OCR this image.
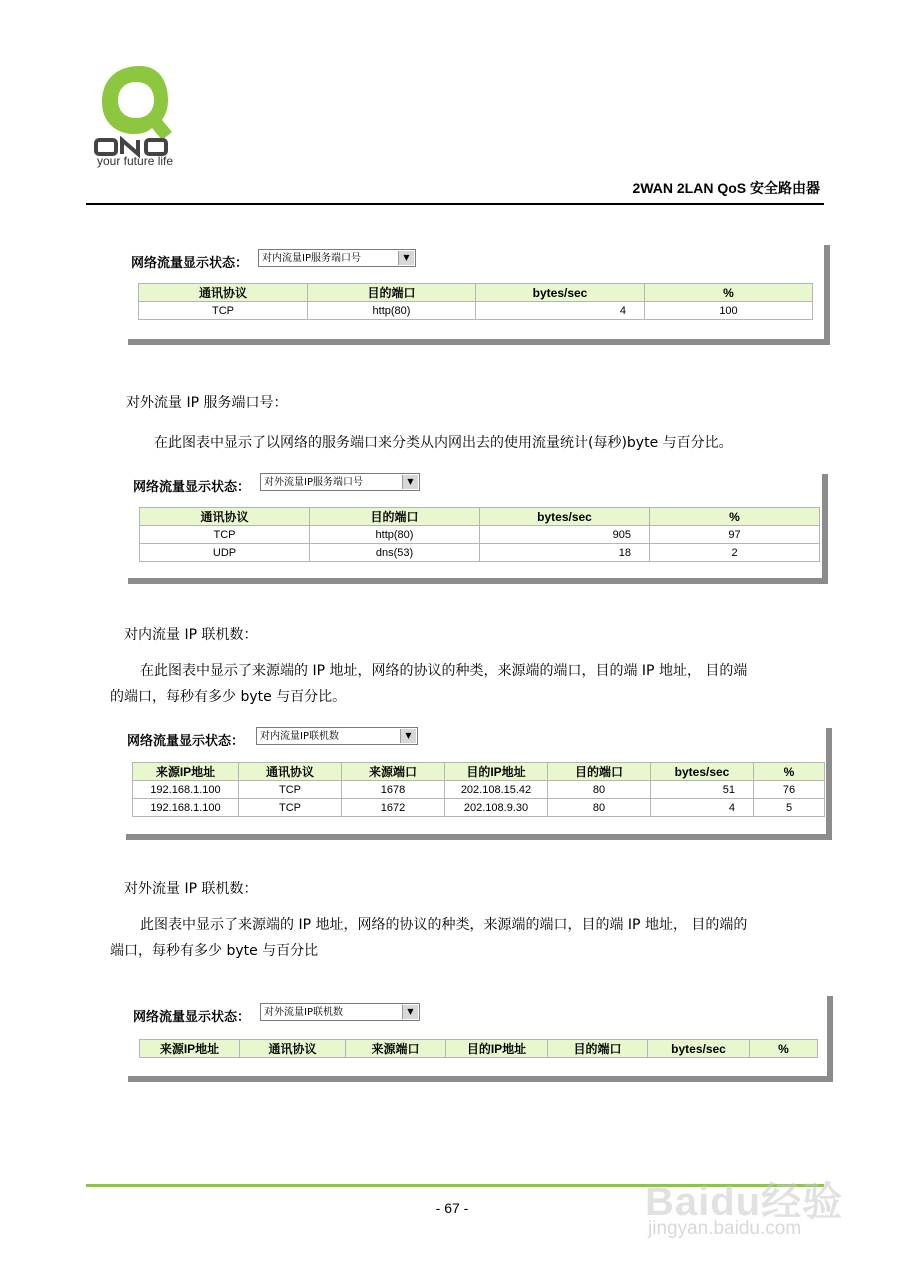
QNO
your future life
2WAN 2LAN QoS 安全路由器
网络流量显示状态：	对内流量IP服务端口号	▼
通讯协议	目的端口	bytes/sec	%
TCP	http(80)	4	100
对外流量 IP 服务端口号：
在此图表中显示了以网络的服务端口来分类从内网出去的使用流量统计(每秒)byte 与百分比。
网络流量显示状态：	对外流量IP服务端口号	▼
通讯协议	目的端口	bytes/sec	%
TCP	http(80)	905	97
UDP	dns(53)	18	2
对内流量 IP 联机数：
在此图表中显示了来源端的 IP 地址，网络的协议的种类，来源端的端口，目的端 IP 地址， 目的端
的端口，每秒有多少 byte 与百分比。
网络流量显示状态：	对内流量IP联机数	▼
来源IP地址	通讯协议	来源端口	目的IP地址	目的端口	bytes/sec	%
192.168.1.100	TCP	1678	202.108.15.42	80	51	76
192.168.1.100	TCP	1672	202.108.9.30	80	4	5
对外流量 IP 联机数：
此图表中显示了来源端的 IP 地址，网络的协议的种类，来源端的端口，目的端 IP 地址， 目的端的
端口，每秒有多少 byte 与百分比
网络流量显示状态：	对外流量IP联机数	▼
来源IP地址	通讯协议	来源端口	目的IP地址	目的端口	bytes/sec	%
- 67 -	Baidu经验
jingyan.baidu.com
